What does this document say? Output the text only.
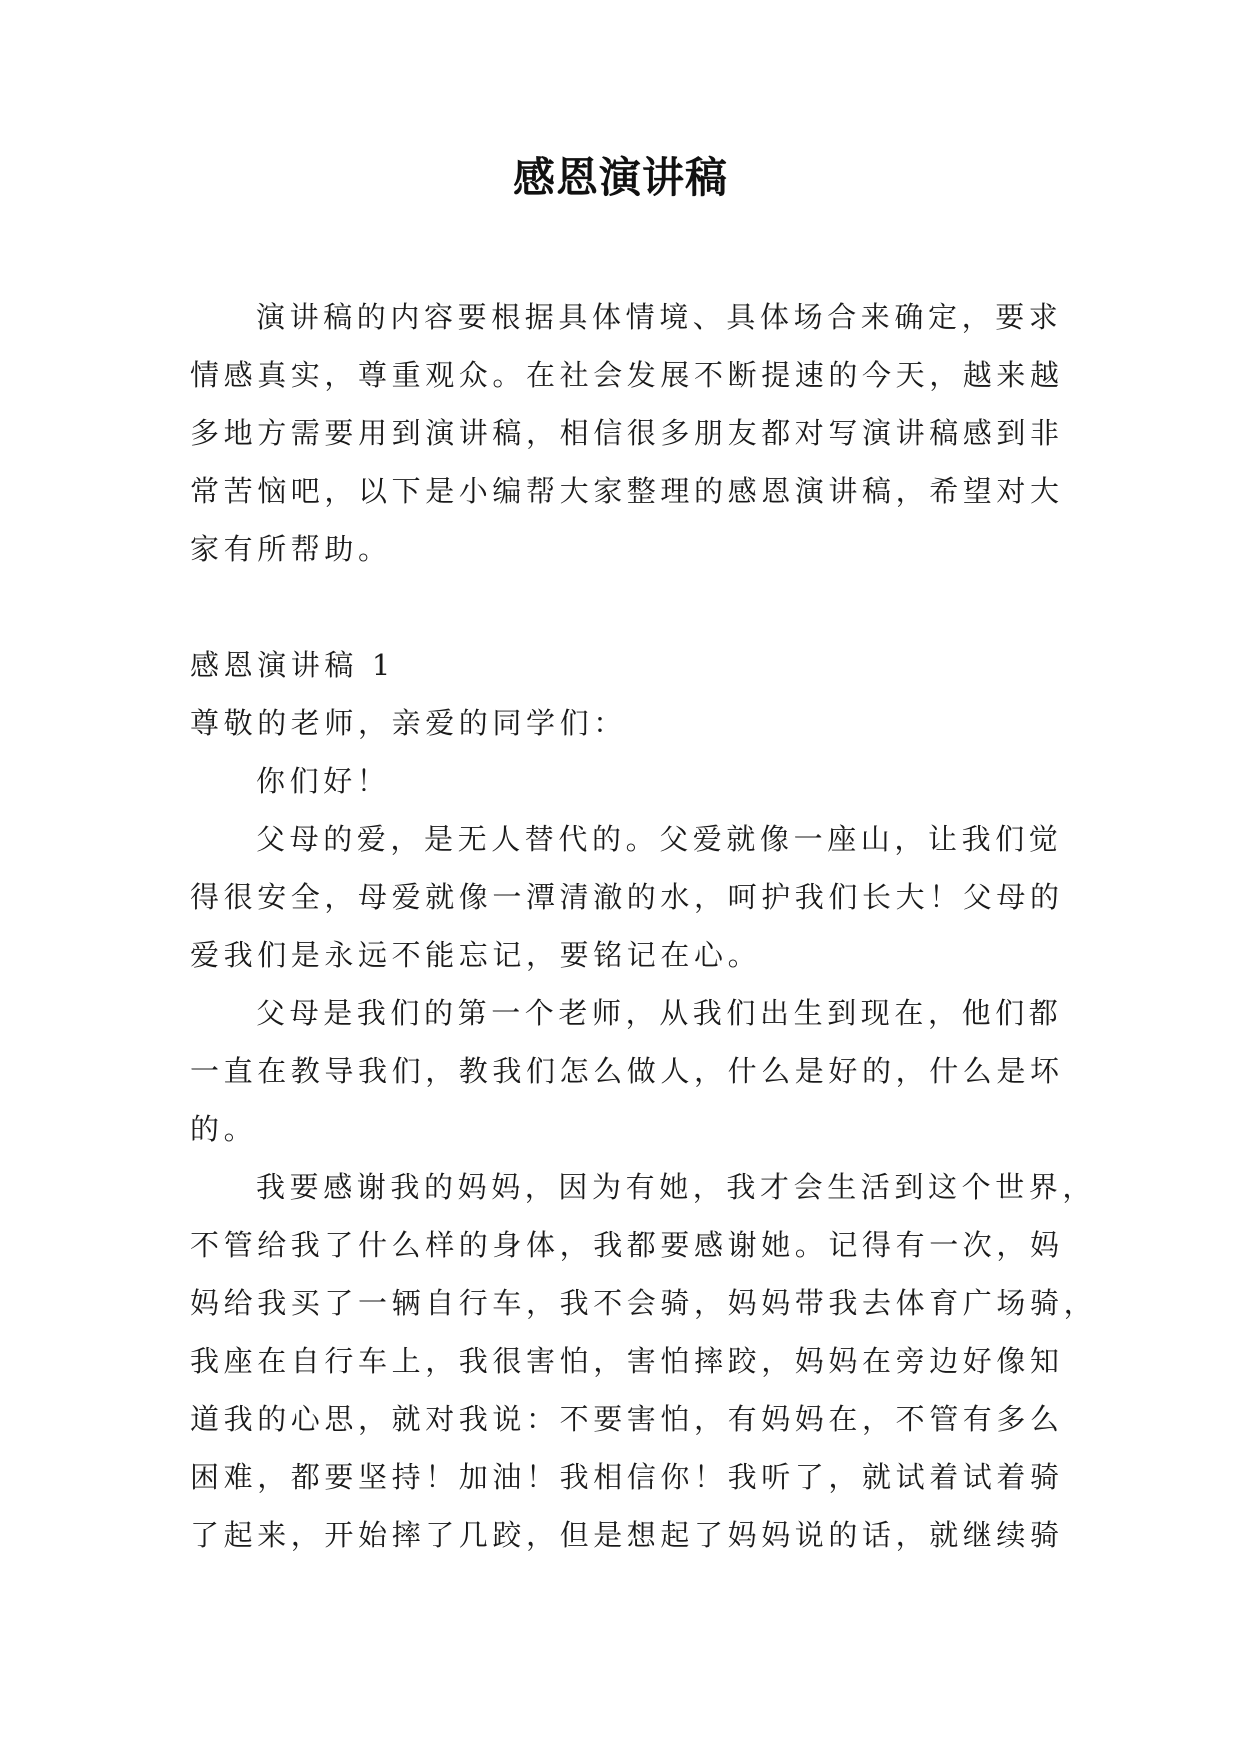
感恩演讲稿
演讲稿的内容要根据具体情境、具体场合来确定，要求
情感真实，尊重观众。在社会发展不断提速的今天，越来越
多地方需要用到演讲稿，相信很多朋友都对写演讲稿感到非
常苦恼吧，以下是小编帮大家整理的感恩演讲稿，希望对大
家有所帮助。
感恩演讲稿 1
尊敬的老师，亲爱的同学们：
你们好！
父母的爱，是无人替代的。父爱就像一座山，让我们觉
得很安全，母爱就像一潭清澈的水，呵护我们长大！父母的
爱我们是永远不能忘记，要铭记在心。
父母是我们的第一个老师，从我们出生到现在，他们都
一直在教导我们，教我们怎么做人，什么是好的，什么是坏
的。
我要感谢我的妈妈，因为有她，我才会生活到这个世界，
不管给我了什么样的身体，我都要感谢她。记得有一次，妈
妈给我买了一辆自行车，我不会骑，妈妈带我去体育广场骑，
我座在自行车上，我很害怕，害怕摔跤，妈妈在旁边好像知
道我的心思，就对我说：不要害怕，有妈妈在，不管有多么
困难，都要坚持！加油！我相信你！我听了，就试着试着骑
了起来，开始摔了几跤，但是想起了妈妈说的话，就继续骑
